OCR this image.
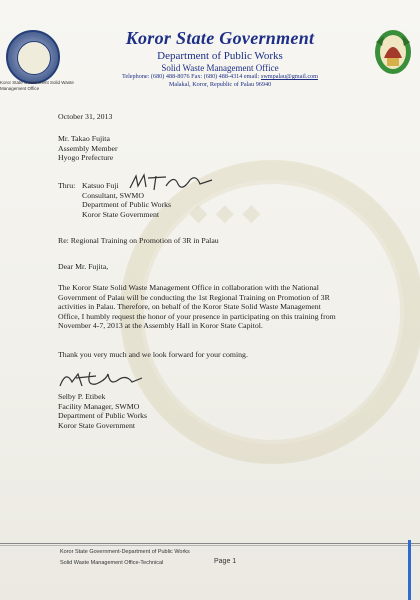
◆ ◆ ◆
Koror State Government Solid Waste Management Office
Koror State Government
Department of Public Works
Solid Waste Management Office
Telephone: (680) 488-8076 Fax: (680) 488-4314 email: swmpalau@gmail.com
Malakal, Koror, Republic of Palau 96940
October 31, 2013
Mr. Takao Fujita
Assembly Member
Hyogo Prefecture
Thru: Katsuo Fuji
Consultant, SWMO
Department of Public Works
Koror State Government
Re: Regional Training on Promotion of 3R in Palau
Dear Mr. Fujita,
The Koror State Solid Waste Management Office in collaboration with the National
Government of Palau will be conducting the 1st Regional Training on Promotion of 3R
activities in Palau. Therefore, on behalf of the Koror State Solid Waste Management
Office, I humbly request the honor of your presence in participating on this training from
November 4-7, 2013 at the Assembly Hall in Koror State Capitol.
Thank you very much and we look forward for your coming.
Selby P. Etibek
Facility Manager, SWMO
Department of Public Works
Koror State Government
Koror State Government-Department of Public Works
Solid Waste Management Office-Technical	Page 1
